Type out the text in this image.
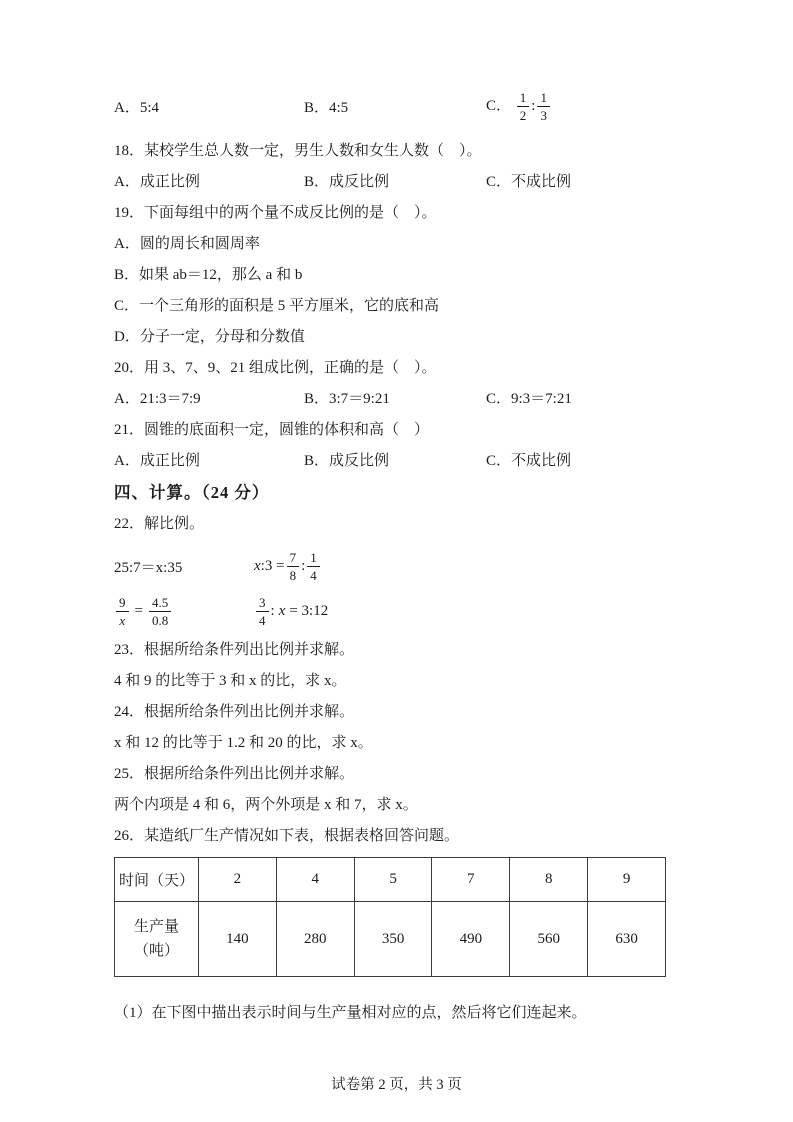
A．5:4	B．4:5	C． $\frac{1}{2}$ : $\frac{1}{3}$
18．某校学生总人数一定，男生人数和女生人数（　）。
A．成正比例	B．成反比例	C．不成比例
19．下面每组中的两个量不成反比例的是（　）。
A．圆的周长和圆周率
B．如果 ab＝12，那么 a 和 b
C．一个三角形的面积是 5 平方厘米，它的底和高
D．分子一定，分母和分数值
20．用 3、7、9、21 组成比例，正确的是（　）。
A．21:3＝7:9	B．3:7＝9:21	C．9:3＝7:21
21．圆锥的底面积一定，圆锥的体积和高（　）
A．成正比例	B．成反比例	C．不成比例
四、计算。（24 分）
22．解比例。
25:7＝x:35	x :3 = $\frac{7}{8}$ : $\frac{1}{4}$
$\frac{9}{x} = \frac{4.5}{0.8}$	$\frac{3}{4}$ : x = 3:12
23．根据所给条件列出比例并求解。
4 和 9 的比等于 3 和 x 的比，求 x。
24．根据所给条件列出比例并求解。
x 和 12 的比等于 1.2 和 20 的比，求 x。
25．根据所给条件列出比例并求解。
两个内项是 4 和 6，两个外项是 x 和 7，求 x。
26．某造纸厂生产情况如下表，根据表格回答问题。
时间（天）	2	4	5	7	8	9

生产量
（吨）	140	280	350	490	560	630
（1）在下图中描出表示时间与生产量相对应的点，然后将它们连起来。
试卷第 2 页，共 3 页
